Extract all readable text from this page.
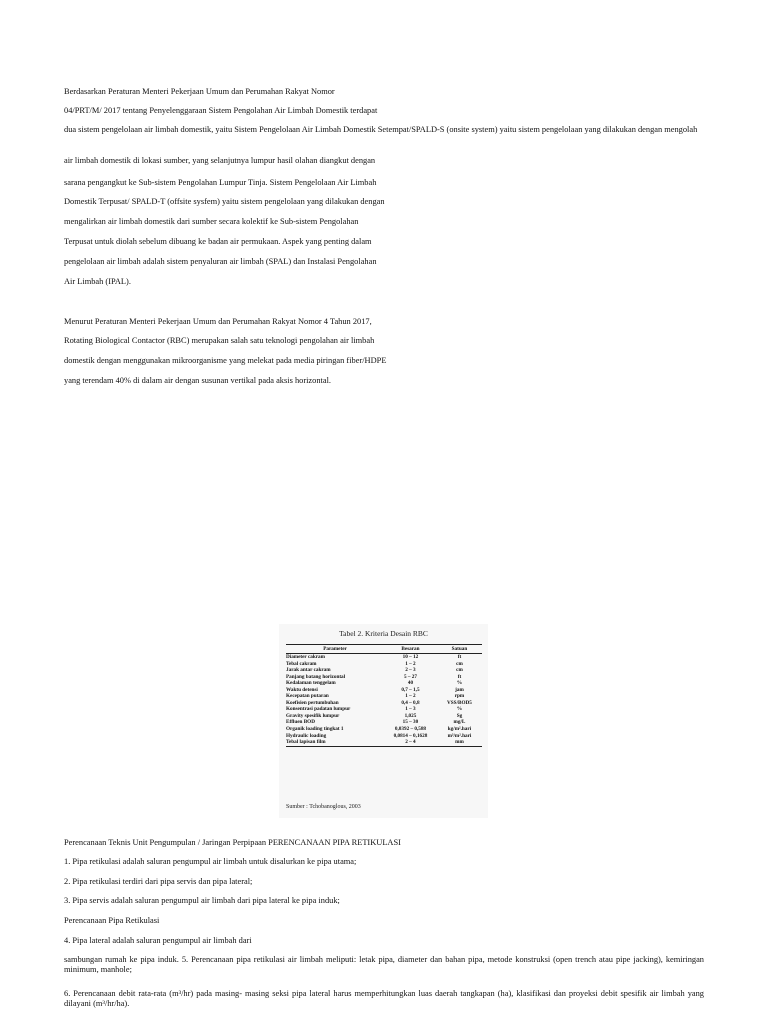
Berdasarkan Peraturan Menteri Pekerjaan Umum dan Perumahan Rakyat Nomor
04/PRT/M/ 2017 tentang Penyelenggaraan Sistem Pengolahan Air Limbah Domestik terdapat
dua sistem pengelolaan air limbah domestik, yaitu Sistem Pengelolaan Air Limbah Domestik Setempat/SPALD-S (onsite system) yaitu sistem pengelolaan yang dilakukan dengan mengolah
air limbah domestik di lokasi sumber, yang selanjutnya lumpur hasil olahan diangkut dengan
sarana pengangkut ke Sub-sistem Pengolahan Lumpur Tinja. Sistem Pengelolaan Air Limbah
Domestik Terpusat/ SPALD-T (offsite sysfem) yaitu sistem pengelolaan yang dilakukan dengan
mengalirkan air limbah domestik dari sumber secara kolektif ke Sub-sistem Pengolahan
Terpusat untuk diolah sebelum dibuang ke badan air permukaan. Aspek yang penting dalam
pengelolaan air limbah adalah sistem penyaluran air limbah (SPAL) dan Instalasi Pengolahan
Air Limbah (IPAL).
Menurut Peraturan Menteri Pekerjaan Umum dan Perumahan Rakyat Nomor 4 Tahun 2017,
Rotating Biological Contactor (RBC) merupakan salah satu teknologi pengolahan air limbah
domestik dengan menggunakan mikroorganisme yang melekat pada media piringan fiber/HDPE
yang terendam 40% di dalam air dengan susunan vertikal pada aksis horizontal.
Tabel 2. Kriteria Desain RBC
Parameter	Besaran	Satuan
Diameter cakram	10 – 12	ft
Tebal cakram	1 – 2	cm
Jarak antar cakram	2 – 3	cm
Panjang batang horizontal	5 – 27	ft
Kedalaman tenggelam	40	%
Waktu detensi	0,7 – 1,5	jam
Kecepatan putaran	1 – 2	rpm
Koefisien pertumbuhan	0,4 – 0,8	VSS/BOD5
Konsentrasi padatan lumpur	1 – 3	%
Gravity spesifik lumpur	1,025	Sg
Effluen BOD	15 – 30	mg/L
Organik loading tingkat 1	0,0392 – 0,588	kg/m².hari
Hydraulic loading	0,0814 – 0,1628	m³/m².hari
Tebal lapisan film	2 – 4	mm
Sumber : Tchobanoglous, 2003
Perencanaan Teknis Unit Pengumpulan / Jaringan Perpipaan PERENCANAAN PIPA RETIKULASI
1. Pipa retikulasi adalah saluran pengumpul air limbah untuk disalurkan ke pipa utama;
2. Pipa retikulasi terdiri dari pipa servis dan pipa lateral;
3. Pipa servis adalah saluran pengumpul air limbah dari pipa lateral ke pipa induk;
Perencanaan Pipa Retikulasi
4. Pipa lateral adalah saluran pengumpul air limbah dari
sambungan rumah ke pipa induk. 5. Perencanaan pipa retikulasi air limbah meliputi: letak pipa, diameter dan bahan pipa, metode konstruksi (open trench atau pipe jacking), kemiringan minimum, manhole;
6. Perencanaan debit rata-rata (m³/hr) pada masing- masing seksi pipa lateral harus memperhitungkan luas daerah tangkapan (ha), klasifikasi dan proyeksi debit spesifik air limbah yang dilayani (m³/hr/ha).
